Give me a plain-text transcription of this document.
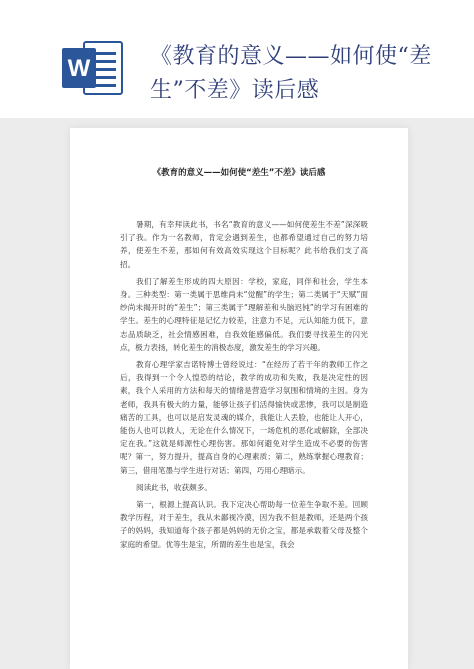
W	《教育的意义——如何使“差生”不差》读后感
《教育的意义——如何使“差生”不差》读后感

暑期，有幸拜读此书，书名“教育的意义——如何使差生不差”深深吸引了我。作为一名教师，肯定会遇到差生，也都希望通过自己的努力培养，使差生不差，那如何有效高效实现这个目标呢？此书给我们支了高招。

我们了解差生形成的四大原因：学校，家庭，同伴和社会，学生本身。三种类型：第一类属于思维尚未“觉醒”的学生；第二类属于“天赋”面纱尚未揭开时的“差生”；第三类属于“理解差和头脑迟钝”的学习有困难的学生。差生的心理特征是记忆力较差，注意力不足，元认知能力低下，意志品质缺乏，社会情感困难，自我效能感偏低。我们要寻找差生的闪光点，极力表扬，转化差生的消极态度，激发差生的学习兴趣。

教育心理学家吉诺特博士曾经说过：“在经历了若干年的教师工作之后，我得到一个令人惶恐的结论，教学的成功和失败，我是决定性的因素，我个人采用的方法和每天的情绪是营造学习氛围和情境的主因。身为老师，我具有极大的力量，能够让孩子们活得愉快或悲惨，我可以是制造痛苦的工具，也可以是启发灵魂的媒介，我能让人丢脸，也能让人开心，能伤人也可以救人，无论在什么情况下，一场危机的恶化或解除，全部决定在我。”这就是师源性心理伤害。那如何避免对学生造成不必要的伤害呢？第一，努力提升，提高自身的心理素质；第二，熟练掌握心理教育；第三，借用笔墨与学生进行对话；第四，巧用心理暗示。

阅读此书，收获颇多。

第一，根源上提高认识。我下定决心帮助每一位差生争取不差。回顾教学历程，对于差生，我从未鄙视冷漠，因为我不但是教师，还是两个孩子的妈妈，我知道每个孩子都是妈妈的无价之宝，都是承载着父母及整个家庭的希望。优等生是宝，所谓的差生也是宝，我会
